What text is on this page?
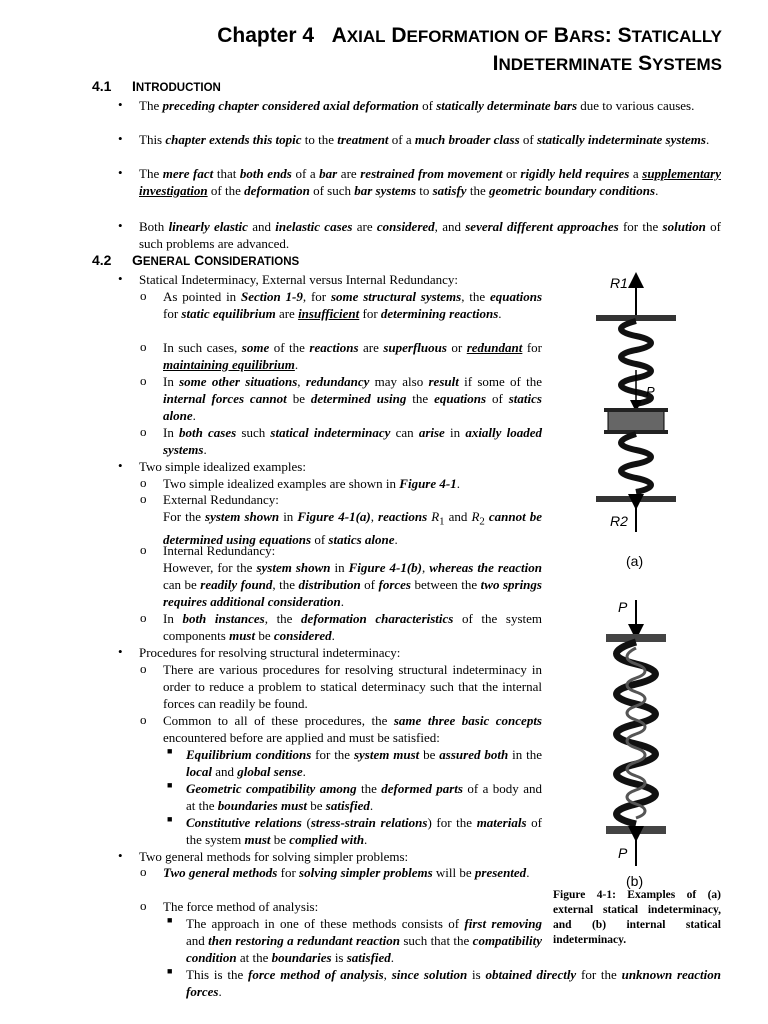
Chapter 4   AXIAL DEFORMATION OF BARS: STATICALLY
INDETERMINATE SYSTEMS
4.1 INTRODUCTION
• The preceding chapter considered axial deformation of statically determinate bars due to various causes.

• This chapter extends this topic to the treatment of a much broader class of statically indeterminate systems.

• The mere fact that both ends of a bar are restrained from movement or rigidly held requires a supplementary investigation of the deformation of such bar systems to satisfy the geometric boundary conditions.

• Both linearly elastic and inelastic cases are considered, and several different approaches for the solution of such problems are advanced.

4.2 GENERAL CONSIDERATIONS
• Statical Indeterminacy, External versus Internal Redundancy:
o As pointed in Section 1-9, for some structural systems, the equations for static equilibrium are insufficient for determining reactions.

o In such cases, some of the reactions are superfluous or redundant for maintaining equilibrium.

o In some other situations, redundancy may also result if some of the internal forces cannot be determined using the equations of statics alone.

o In both cases such statical indeterminacy can arise in axially loaded systems.

• Two simple idealized examples:
o Two simple idealized examples are shown in Figure 4-1.

o External Redundancy:

For the system shown in Figure 4-1(a), reactions $R_1$ and $R_2$ cannot be determined using equations of statics alone.

o Internal Redundancy:

However, for the system shown in Figure 4-1(b), whereas the reaction can be readily found, the distribution of forces between the two springs requires additional consideration.

o In both instances, the deformation characteristics of the system components must be considered.

• Procedures for resolving structural indeterminacy:
o There are various procedures for resolving structural indeterminacy in order to reduce a problem to statical determinacy such that the internal forces can readily be found.
o Common to all of these procedures, the same three basic concepts encountered before are applied and must be satisfied:

■ Equilibrium conditions for the system must be assured both in the local and global sense.

■ Geometric compatibility among the deformed parts of a body and at the boundaries must be satisfied.

■ Constitutive relations (stress-strain relations) for the materials of the system must be complied with.

• Two general methods for solving simpler problems:
o Two general methods for solving simpler problems will be presented.

o The force method of analysis:
■ The approach in one of these methods consists of first removing and then restoring a redundant reaction such that the compatibility condition at the boundaries is satisfied.

■ This is the force method of analysis, since solution is obtained directly for the unknown reaction forces.

R1
P
R2
(a)
P
P
(b)
Figure 4-1: Examples of (a) external statical indeterminacy, and (b) internal statical indeterminacy.
